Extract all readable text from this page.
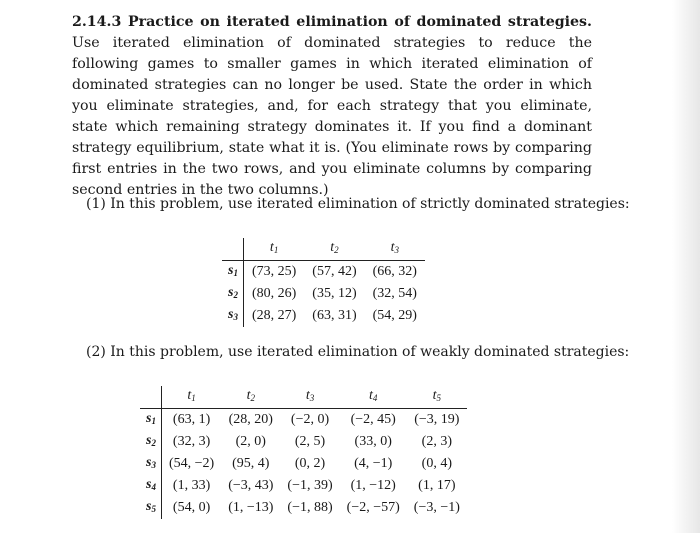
2.14.3 Practice on iterated elimination of dominated strategies. Use iterated elimination of dominated strategies to reduce the following games to smaller games in which iterated elimination of dominated strategies can no longer be used. State the order in which you eliminate strategies, and, for each strategy that you eliminate, state which remaining strategy dominates it. If you find a dominant strategy equilibrium, state what it is. (You eliminate rows by comparing first entries in the two rows, and you eliminate columns by comparing second entries in the two columns.)
(1) In this problem, use iterated elimination of strictly dominated strategies:
	$t_1$	$t_2$	$t_3$
$s_1$	(73, 25)	(57, 42)	(66, 32)
$s_2$	(80, 26)	(35, 12)	(32, 54)
$s_3$	(28, 27)	(63, 31)	(54, 29)
(2) In this problem, use iterated elimination of weakly dominated strategies:
	$t_1$	$t_2$	$t_3$	$t_4$	$t_5$
$s_1$	(63, 1)	(28, 20)	(−2, 0)	(−2, 45)	(−3, 19)
$s_2$	(32, 3)	(2, 0)	(2, 5)	(33, 0)	(2, 3)
$s_3$	(54, −2)	(95, 4)	(0, 2)	(4, −1)	(0, 4)
$s_4$	(1, 33)	(−3, 43)	(−1, 39)	(1, −12)	(1, 17)
$s_5$	(54, 0)	(1, −13)	(−1, 88)	(−2, −57)	(−3, −1)
